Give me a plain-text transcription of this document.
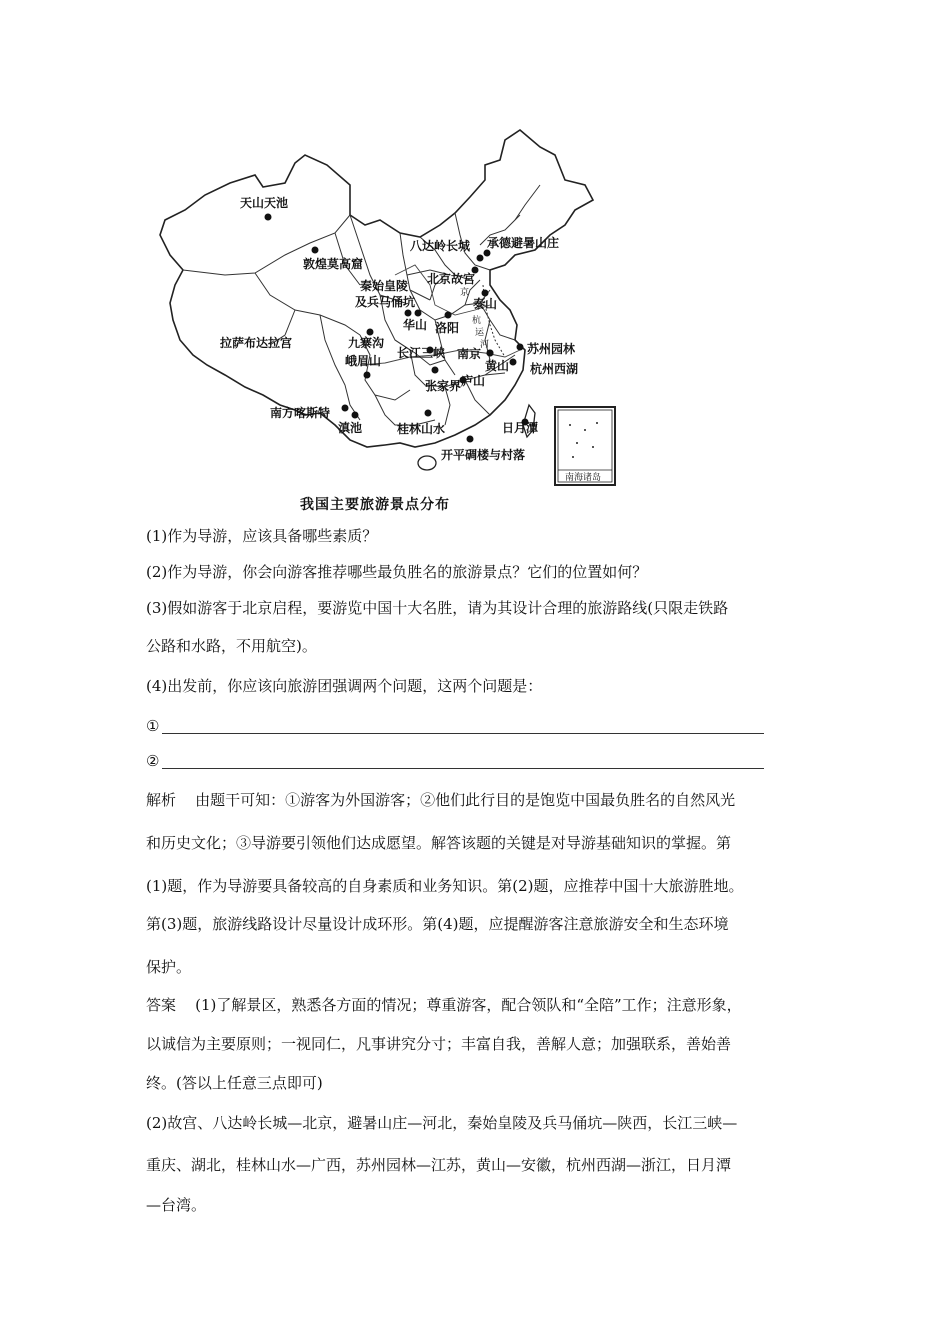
南海诸岛
天山天池
敦煌莫高窟
八达岭长城 承德避暑山庄
北京故宫
京
秦始皇陵
及兵马俑坑	泰山
华山 洛阳 杭
运
河
拉萨布达拉宫	九寨沟
峨眉山
长江三峡 南京	苏州园林
黄山 杭州西湖
张家界 庐山
南方喀斯特
滇池	桂林山水	日月潭
开平碉楼与村落
我国主要旅游景点分布
(1)作为导游，应该具备哪些素质？
(2)作为导游，你会向游客推荐哪些最负胜名的旅游景点？它们的位置如何？
(3)假如游客于北京启程，要游览中国十大名胜，请为其设计合理的旅游路线(只限走铁路
公路和水路，不用航空)。
(4)出发前，你应该向旅游团强调两个问题，这两个问题是：
①
②
解析 由题干可知：①游客为外国游客；②他们此行目的是饱览中国最负胜名的自然风光
和历史文化；③导游要引领他们达成愿望。解答该题的关键是对导游基础知识的掌握。第
(1)题，作为导游要具备较高的自身素质和业务知识。第(2)题，应推荐中国十大旅游胜地。
第(3)题，旅游线路设计尽量设计成环形。第(4)题，应提醒游客注意旅游安全和生态环境
保护。
答案 (1)了解景区，熟悉各方面的情况；尊重游客，配合领队和“全陪”工作；注意形象，
以诚信为主要原则；一视同仁，凡事讲究分寸；丰富自我，善解人意；加强联系，善始善
终。(答以上任意三点即可)
(2)故宫、八达岭长城—北京，避暑山庄—河北，秦始皇陵及兵马俑坑—陕西，长江三峡—
重庆、湖北，桂林山水—广西，苏州园林—江苏，黄山—安徽，杭州西湖—浙江，日月潭
—台湾。
